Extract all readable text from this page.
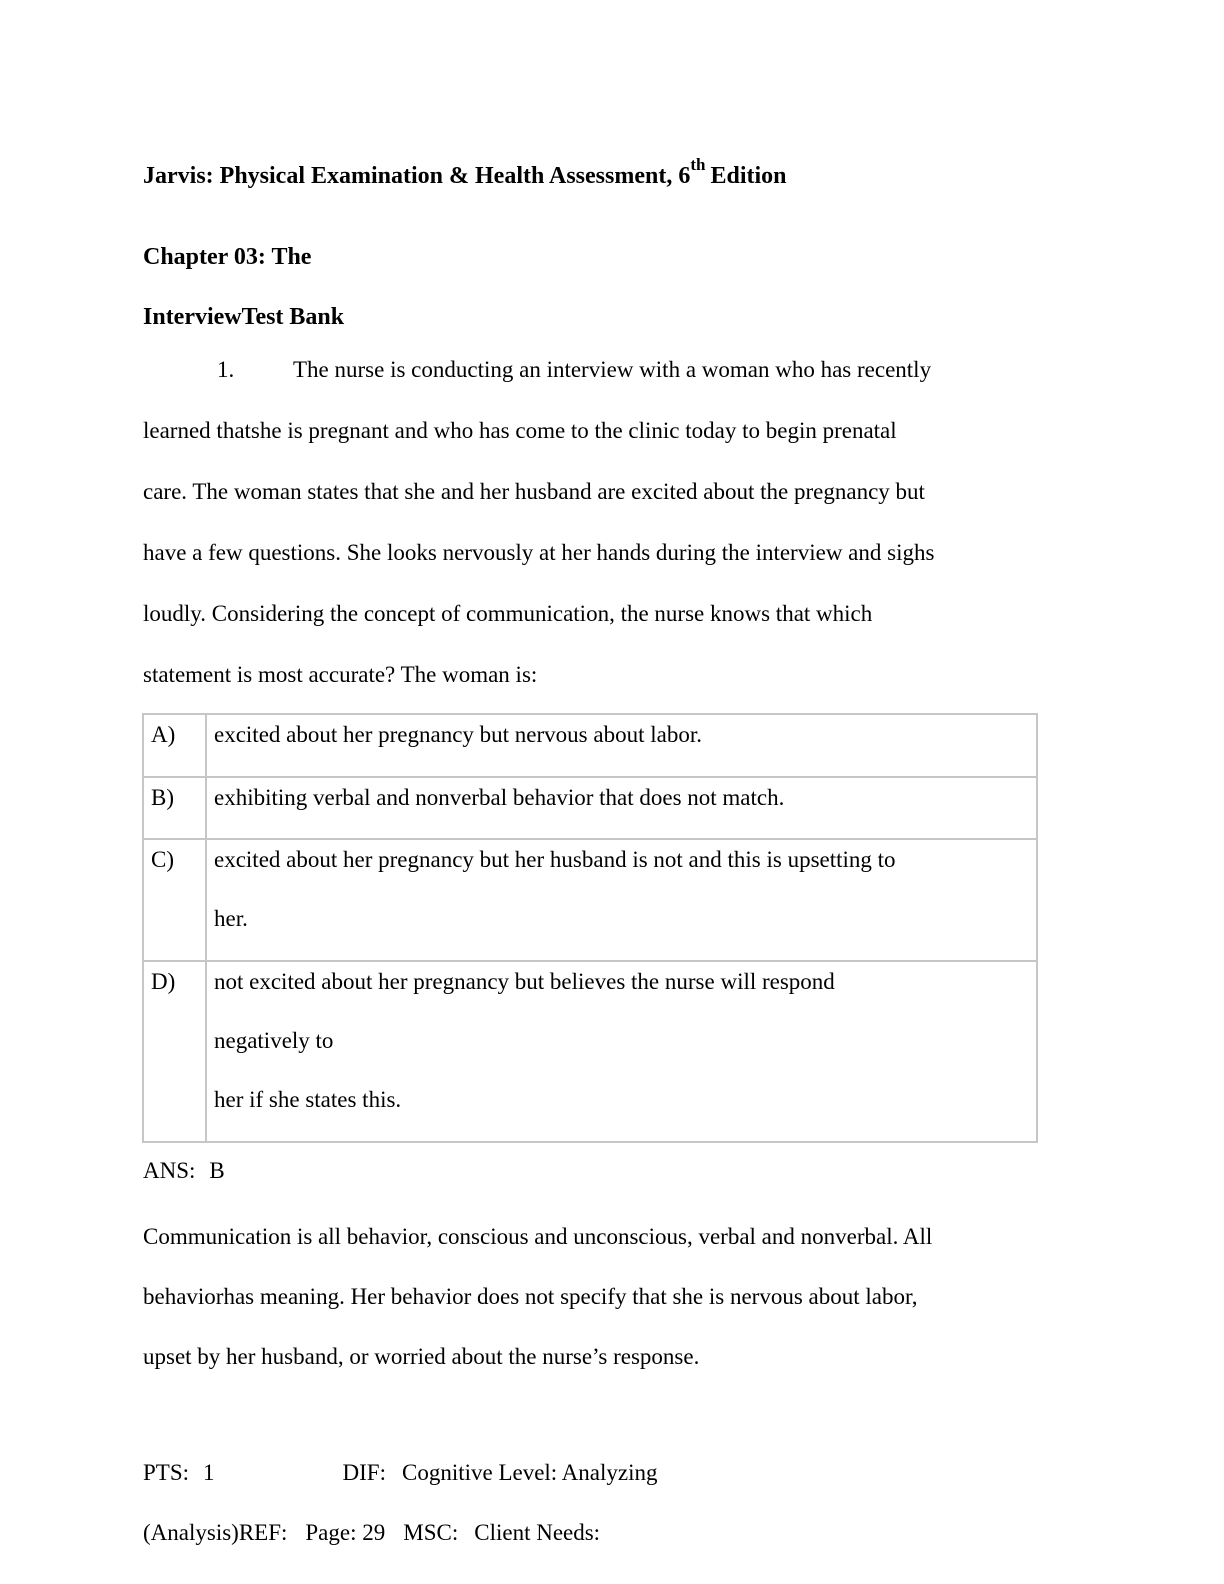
Jarvis: Physical Examination & Health Assessment, 6th Edition
Chapter 03: The
InterviewTest Bank
1.	The nurse is conducting an interview with a woman who has recently
learned thatshe is pregnant and who has come to the clinic today to begin prenatal
care. The woman states that she and her husband are excited about the pregnancy but
have a few questions. She looks nervously at her hands during the interview and sighs
loudly. Considering the concept of communication, the nurse knows that which
statement is most accurate? The woman is:
A)	excited about her pregnancy but nervous about labor.

B)	exhibiting verbal and nonverbal behavior that does not match.

C)	excited about her pregnancy but her husband is not and this is upsetting to
her.

D)	not excited about her pregnancy but believes the nurse will respond
negatively to
her if she states this.
ANS: B
Communication is all behavior, conscious and unconscious, verbal and nonverbal. All
behaviorhas meaning. Her behavior does not specify that she is nervous about labor,
upset by her husband, or worried about the nurse’s response.
PTS: 1	DIF: Cognitive Level: Analyzing
(Analysis)REF: Page: 29 MSC: Client Needs:
